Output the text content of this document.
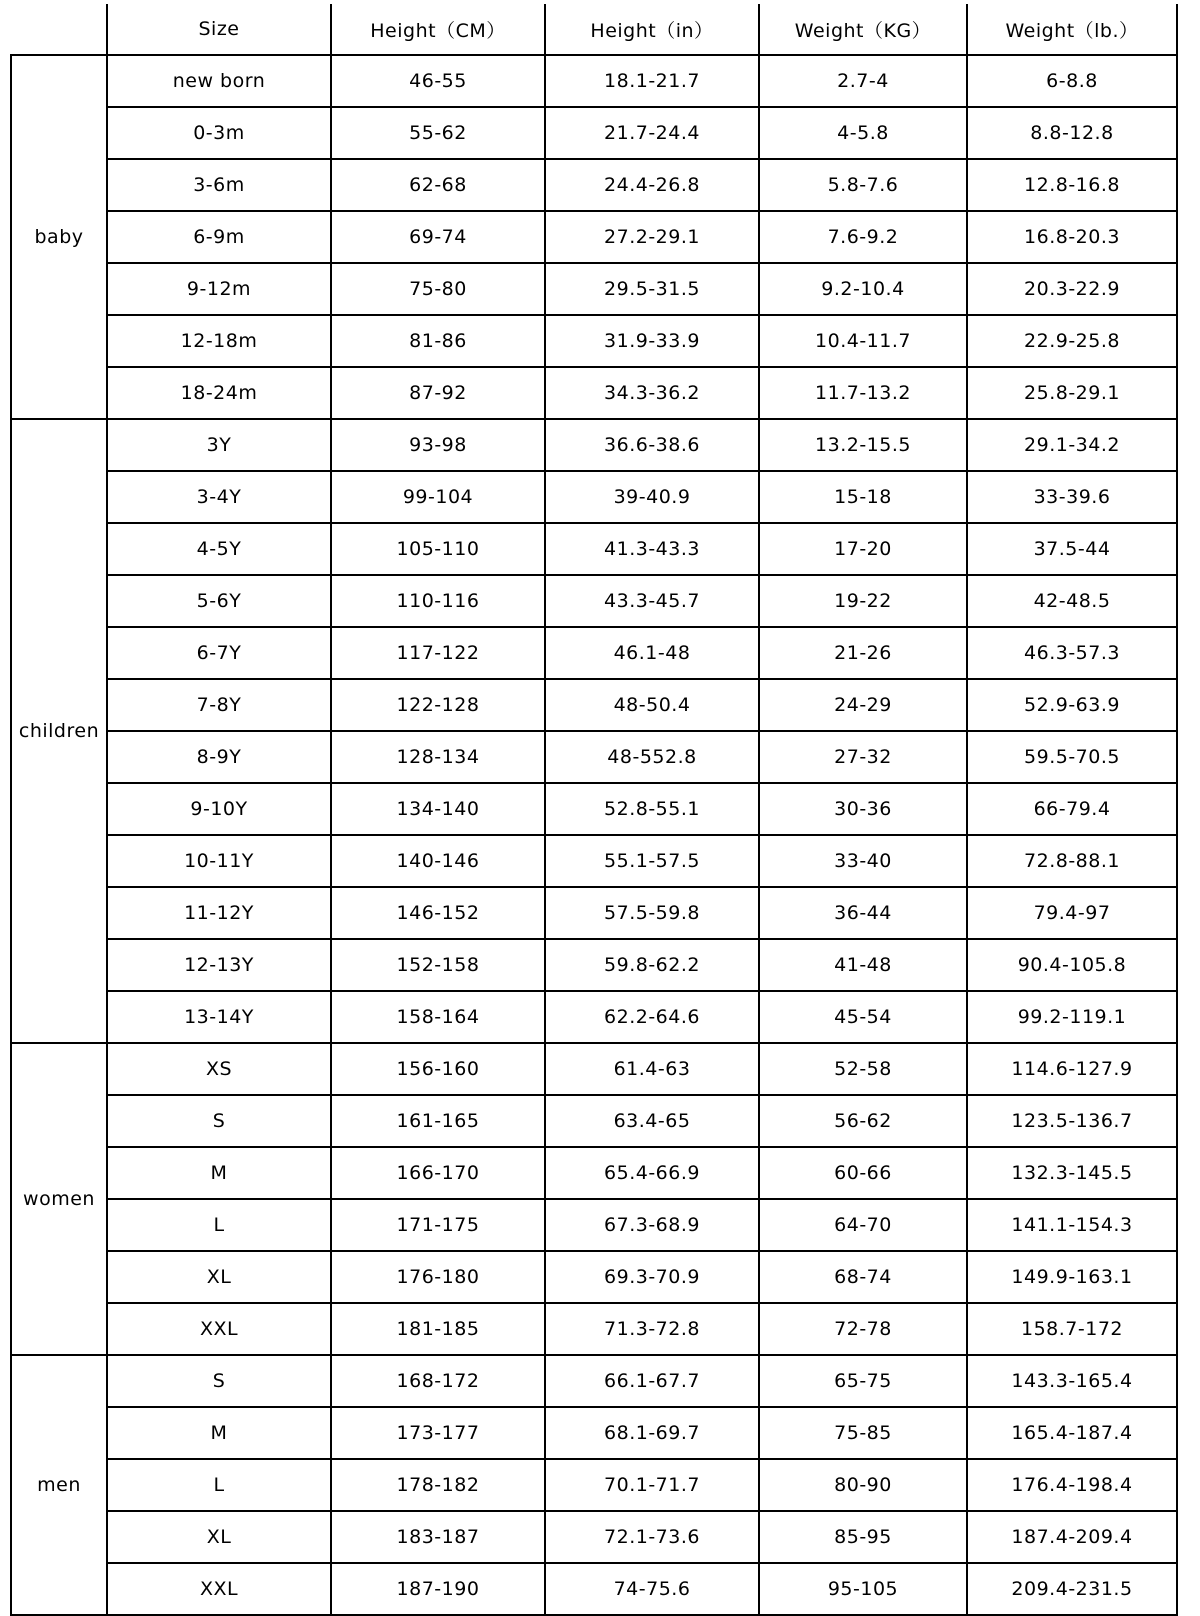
	Size	Height（CM）	Height（in）	Weight（KG）	Weight（lb.）
baby	new born	46-55	18.1-21.7	2.7-4	6-8.8
	0-3m	55-62	21.7-24.4	4-5.8	8.8-12.8
	3-6m	62-68	24.4-26.8	5.8-7.6	12.8-16.8
	6-9m	69-74	27.2-29.1	7.6-9.2	16.8-20.3
	9-12m	75-80	29.5-31.5	9.2-10.4	20.3-22.9
	12-18m	81-86	31.9-33.9	10.4-11.7	22.9-25.8
	18-24m	87-92	34.3-36.2	11.7-13.2	25.8-29.1
children	3Y	93-98	36.6-38.6	13.2-15.5	29.1-34.2
	3-4Y	99-104	39-40.9	15-18	33-39.6
	4-5Y	105-110	41.3-43.3	17-20	37.5-44
	5-6Y	110-116	43.3-45.7	19-22	42-48.5
	6-7Y	117-122	46.1-48	21-26	46.3-57.3
	7-8Y	122-128	48-50.4	24-29	52.9-63.9
	8-9Y	128-134	48-552.8	27-32	59.5-70.5
	9-10Y	134-140	52.8-55.1	30-36	66-79.4
	10-11Y	140-146	55.1-57.5	33-40	72.8-88.1
	11-12Y	146-152	57.5-59.8	36-44	79.4-97
	12-13Y	152-158	59.8-62.2	41-48	90.4-105.8
	13-14Y	158-164	62.2-64.6	45-54	99.2-119.1
women	XS	156-160	61.4-63	52-58	114.6-127.9
	S	161-165	63.4-65	56-62	123.5-136.7
	M	166-170	65.4-66.9	60-66	132.3-145.5
	L	171-175	67.3-68.9	64-70	141.1-154.3
	XL	176-180	69.3-70.9	68-74	149.9-163.1
	XXL	181-185	71.3-72.8	72-78	158.7-172
men	S	168-172	66.1-67.7	65-75	143.3-165.4
	M	173-177	68.1-69.7	75-85	165.4-187.4
	L	178-182	70.1-71.7	80-90	176.4-198.4
	XL	183-187	72.1-73.6	85-95	187.4-209.4
	XXL	187-190	74-75.6	95-105	209.4-231.5
